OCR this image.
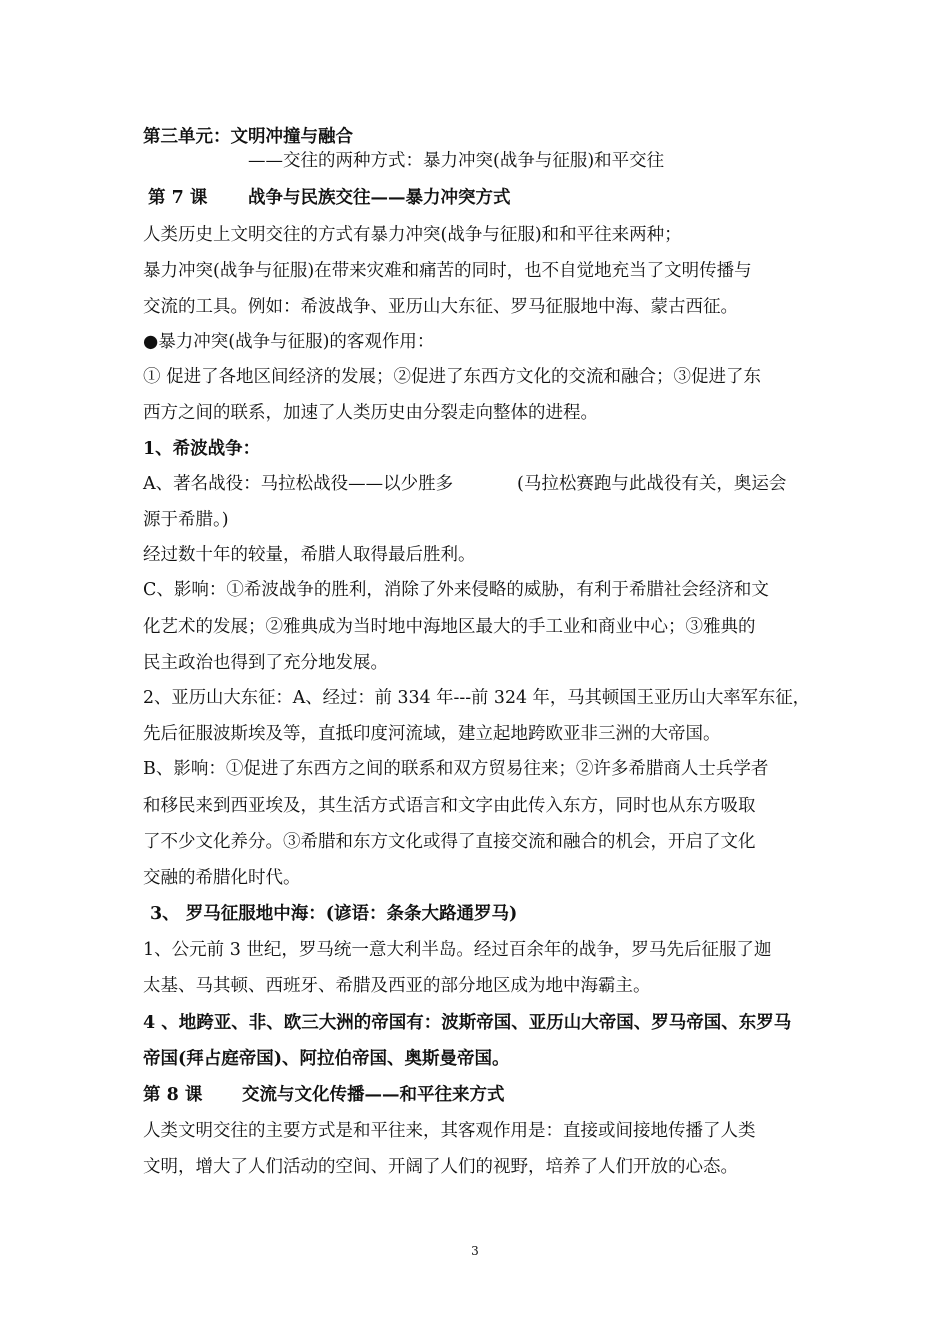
第三单元：文明冲撞与融合
——交往的两种方式：暴力冲突(战争与征服)和平交往
第 7 课 战争与民族交往——暴力冲突方式
人类历史上文明交往的方式有暴力冲突(战争与征服)和和平往来两种；
暴力冲突(战争与征服)在带来灾难和痛苦的同时，也不自觉地充当了文明传播与
交流的工具。例如：希波战争、亚历山大东征、罗马征服地中海、蒙古西征。
●暴力冲突(战争与征服)的客观作用：
① 促进了各地区间经济的发展；②促进了东西方文化的交流和融合；③促进了东
西方之间的联系，加速了人类历史由分裂走向整体的进程。
1、希波战争：
A、著名战役：马拉松战役——以少胜多	(马拉松赛跑与此战役有关，奥运会
源于希腊。)
经过数十年的较量，希腊人取得最后胜利。
C、影响：①希波战争的胜利，消除了外来侵略的威胁，有利于希腊社会经济和文
化艺术的发展；②雅典成为当时地中海地区最大的手工业和商业中心；③雅典的
民主政治也得到了充分地发展。
2、亚历山大东征：A、经过：前 334 年---前 324 年，马其顿国王亚历山大率军东征，
先后征服波斯埃及等，直抵印度河流域，建立起地跨欧亚非三洲的大帝国。
B、影响：①促进了东西方之间的联系和双方贸易往来；②许多希腊商人士兵学者
和移民来到西亚埃及，其生活方式语言和文字由此传入东方，同时也从东方吸取
了不少文化养分。③希腊和东方文化或得了直接交流和融合的机会，开启了文化
交融的希腊化时代。
3、 罗马征服地中海：(谚语：条条大路通罗马)
1、公元前 3 世纪，罗马统一意大利半岛。经过百余年的战争，罗马先后征服了迦
太基、马其顿、西班牙、希腊及西亚的部分地区成为地中海霸主。
4 、地跨亚、非、欧三大洲的帝国有：波斯帝国、亚历山大帝国、罗马帝国、东罗马
帝国(拜占庭帝国)、阿拉伯帝国、奥斯曼帝国。
第 8 课 交流与文化传播——和平往来方式
人类文明交往的主要方式是和平往来，其客观作用是：直接或间接地传播了人类
文明，增大了人们活动的空间、开阔了人们的视野，培养了人们开放的心态。
3
